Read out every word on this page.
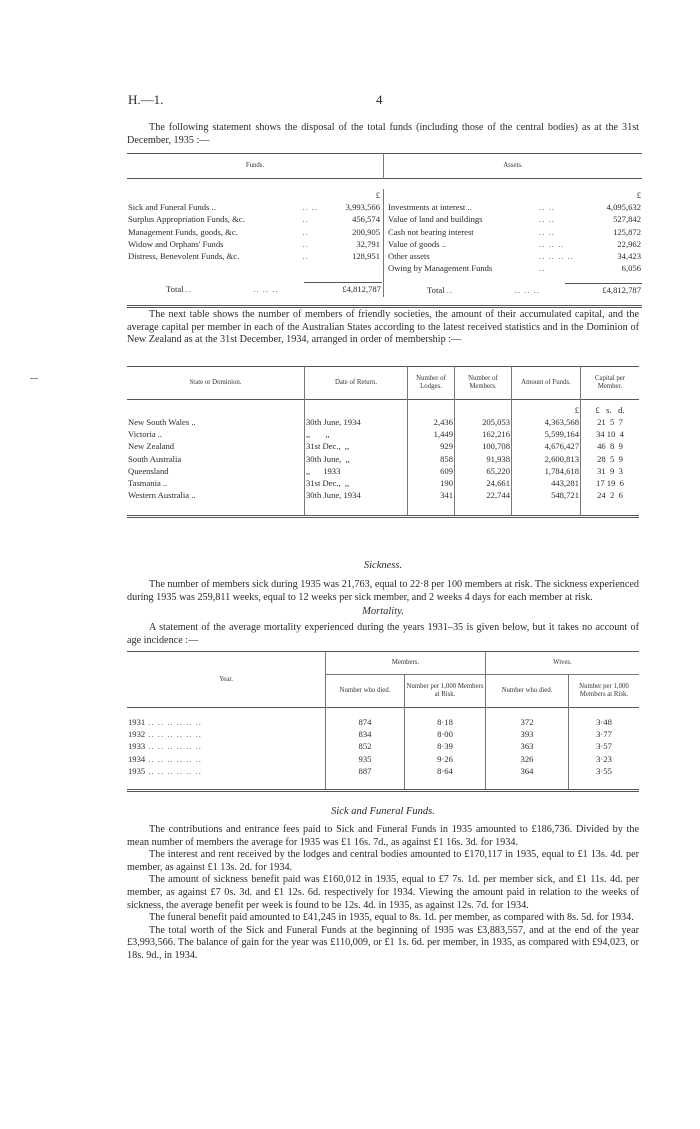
H.—1.	4

The following statement shows the disposal of the total funds (including those of the central bodies) as at the 31st December, 1935 :—

Funds.	Assets.

		£
Sick and Funeral Funds ..	.. ..	3,993,566
Surplus Appropriation Funds, &c.	..	456,574
Management Funds, goods, &c.	..	200,905
Widow and Orphans' Funds	..	32,791
Distress, Benevolent Funds, &c.	..	128,951

		£
Investments at interest ..	.. ..	4,095,632
Value of land and buildings	.. ..	527,842
Cash not bearing interest	.. ..	125,872
Value of goods ..	.. .. ..	22,962
Other assets	.. .. .. ..	34,423
Owing by Management Funds	..	6,056

Total ..	.. .. ..	£4,812,787
		Total ..	.. .. ..	£4,812,787

The next table shows the number of members of friendly societies, the amount of their accumulated capital, and the average capital per member in each of the Australian States according to the latest received statistics and in the Dominion of New Zealand as at the 31st December, 1934, arranged in order of membership :—

State or Dominion.	Date of Return.	Number of Lodges.	Number of Members.	Amount of Funds.	Capital per Member.
				£	£   s.   d.
New South Wales ..	30th June, 1934	2,436	205,053	4,363,568	21  5  7
Victoria ..	,,       ,,	1,449	162,216	5,599,164	34 10  4
New Zealand	31st Dec.,  ,,	929	100,708	4,676,427	46  8  9
South Australia	30th June,  ,,	858	91,938	2,600,813	28  5  9
Queensland	,,      1933	609	65,220	1,784,618	31  9  3
Tasmania ..	31st Dec.,  ,,	190	24,661	443,281	17 19  6
Western Australia ..	30th June, 1934	341	22,744	548,721	24  2  6

Sickness.

The number of members sick during 1935 was 21,763, equal to 22·8 per 100 members at risk. The sickness experienced during 1935 was 259,811 weeks, equal to 12 weeks per sick member, and 2 weeks 4 days for each member at risk.

Mortality.

A statement of the average mortality experienced during the years 1931–35 is given below, but it takes no account of age incidence :—

Year.	Members.		Wives.	
	Number who died.	Number per 1,000 Members at Risk.	Number who died.	Number per 1,000 Members at Risk.

1931 .. .. .. .. .. ..	874	8·18	372	3·48
1932 .. .. .. .. .. ..	834	8·00	393	3·77
1933 .. .. .. .. .. ..	852	8·39	363	3·57
1934 .. .. .. .. .. ..	935	9·26	326	3·23
1935 .. .. .. .. .. ..	887	8·64	364	3·55

Sick and Funeral Funds.

The contributions and entrance fees paid to Sick and Funeral Funds in 1935 amounted to £186,736. Divided by the mean number of members the average for 1935 was £1 16s. 7d., as against £1 16s. 3d. for 1934.

The interest and rent received by the lodges and central bodies amounted to £170,117 in 1935, equal to £1 13s. 4d. per member, as against £1 13s. 2d. for 1934.

The amount of sickness benefit paid was £160,012 in 1935, equal to £7 7s. 1d. per member sick, and £1 11s. 4d. per member, as against £7 0s. 3d. and £1 12s. 6d. respectively for 1934. Viewing the amount paid in relation to the weeks of sickness, the average benefit per week is found to be 12s. 4d. in 1935, as against 12s. 7d. for 1934.

The funeral benefit paid amounted to £41,245 in 1935, equal to 8s. 1d. per member, as compared with 8s. 5d. for 1934.

The total worth of the Sick and Funeral Funds at the beginning of 1935 was £3,883,557, and at the end of the year £3,993,566. The balance of gain for the year was £110,009, or £1 1s. 6d. per member, in 1935, as compared with £94,023, or 18s. 9d., in 1934.
